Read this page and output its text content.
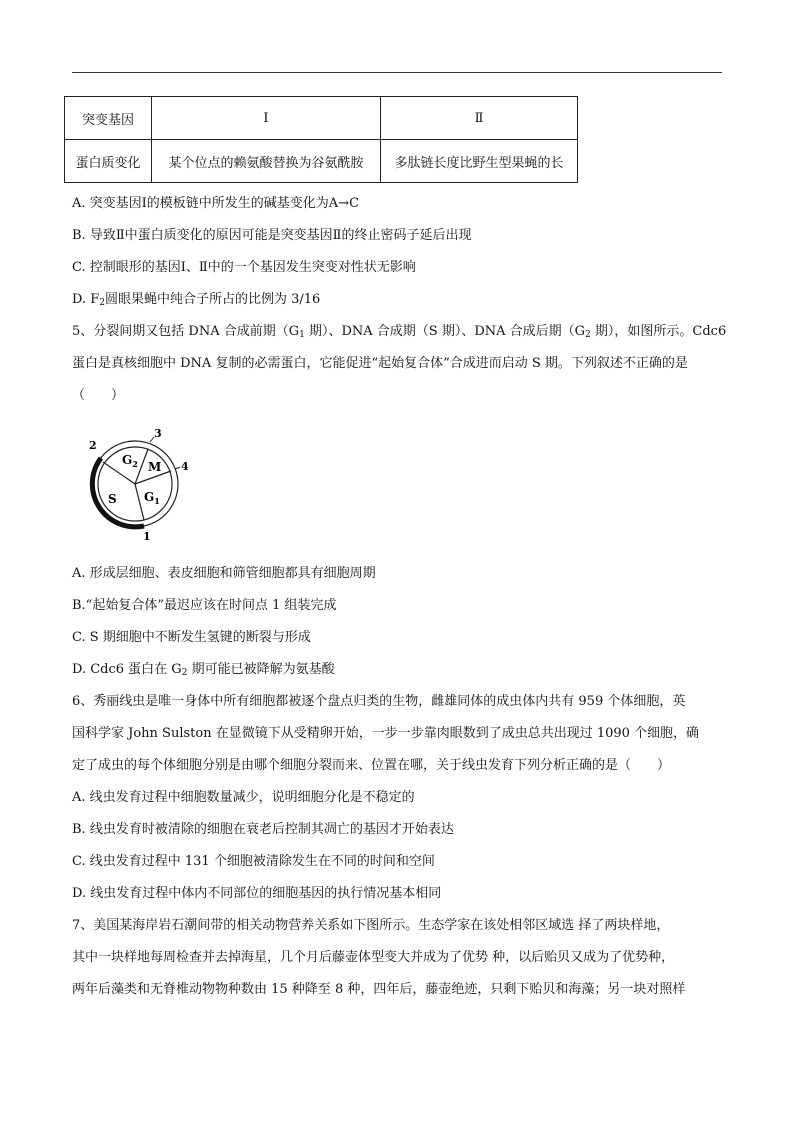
突变基因	Ⅰ	Ⅱ
蛋白质变化	某个位点的赖氨酸替换为谷氨酰胺	多肽链长度比野生型果蝇的长
A. 突变基因Ⅰ的模板链中所发生的碱基变化为A→C
B. 导致Ⅱ中蛋白质变化的原因可能是突变基因Ⅱ的终止密码子延后出现
C. 控制眼形的基因Ⅰ、Ⅱ中的一个基因发生突变对性状无影响
D. $F_2$圆眼果蝇中纯合子所占的比例为 3/16
5、分裂间期又包括 DNA 合成前期（$G_1$ 期）、DNA 合成期（S 期）、DNA 合成后期（$G_2$ 期），如图所示。Cdc6
蛋白是真核细胞中 DNA 复制的必需蛋白，它能促进“起始复合体”合成进而启动 S 期。下列叙述不正确的是
（　　）
$G_2$ M
S $G_1$
1
2
3
4
A. 形成层细胞、表皮细胞和筛管细胞都具有细胞周期
B.“起始复合体”最迟应该在时间点 1 组装完成
C. S 期细胞中不断发生氢键的断裂与形成
D. Cdc6 蛋白在 $G_2$ 期可能已被降解为氨基酸
6、秀丽线虫是唯一身体中所有细胞都被逐个盘点归类的生物，雌雄同体的成虫体内共有 959 个体细胞，英
国科学家 John Sulston 在显微镜下从受精卵开始，一步一步靠肉眼数到了成虫总共出现过 1090 个细胞，确
定了成虫的每个体细胞分别是由哪个细胞分裂而来、位置在哪，关于线虫发育下列分析正确的是（　　）
A. 线虫发育过程中细胞数量减少，说明细胞分化是不稳定的
B. 线虫发育时被清除的细胞在衰老后控制其凋亡的基因才开始表达
C. 线虫发育过程中 131 个细胞被清除发生在不同的时间和空间
D. 线虫发育过程中体内不同部位的细胞基因的执行情况基本相同
7、美国某海岸岩石潮间带的相关动物营养关系如下图所示。生态学家在该处相邻区域选 择了两块样地，
其中一块样地每周检查并去掉海星，几个月后藤壶体型变大并成为了优势 种，以后贻贝又成为了优势种，
两年后藻类和无脊椎动物物种数由 15 种降至 8 种，四年后，藤壶绝迹，只剩下贻贝和海藻；另一块对照样
